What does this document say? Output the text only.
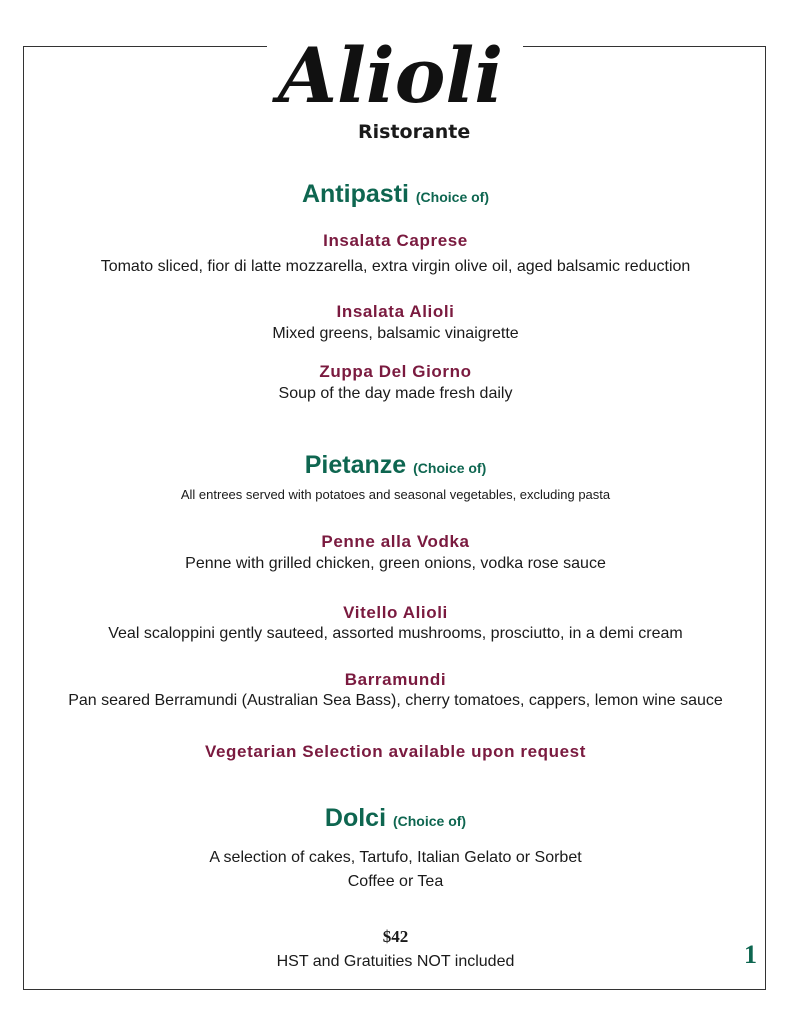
Alioli
Ristorante
Antipasti (Choice of)
Insalata Caprese
Tomato sliced, fior di latte mozzarella, extra virgin olive oil, aged balsamic reduction
Insalata Alioli
Mixed greens, balsamic vinaigrette
Zuppa Del Giorno
Soup of the day made fresh daily
Pietanze (Choice of)
All entrees served with potatoes and seasonal vegetables, excluding pasta
Penne alla Vodka
Penne with grilled chicken, green onions, vodka rose sauce
Vitello Alioli
Veal scaloppini gently sauteed, assorted mushrooms, prosciutto, in a demi cream
Barramundi
Pan seared Berramundi (Australian Sea Bass), cherry tomatoes, cappers, lemon wine sauce
Vegetarian Selection available upon request
Dolci (Choice of)
A selection of cakes, Tartufo, Italian Gelato or Sorbet
Coffee or Tea
$42
HST and Gratuities NOT included	1
